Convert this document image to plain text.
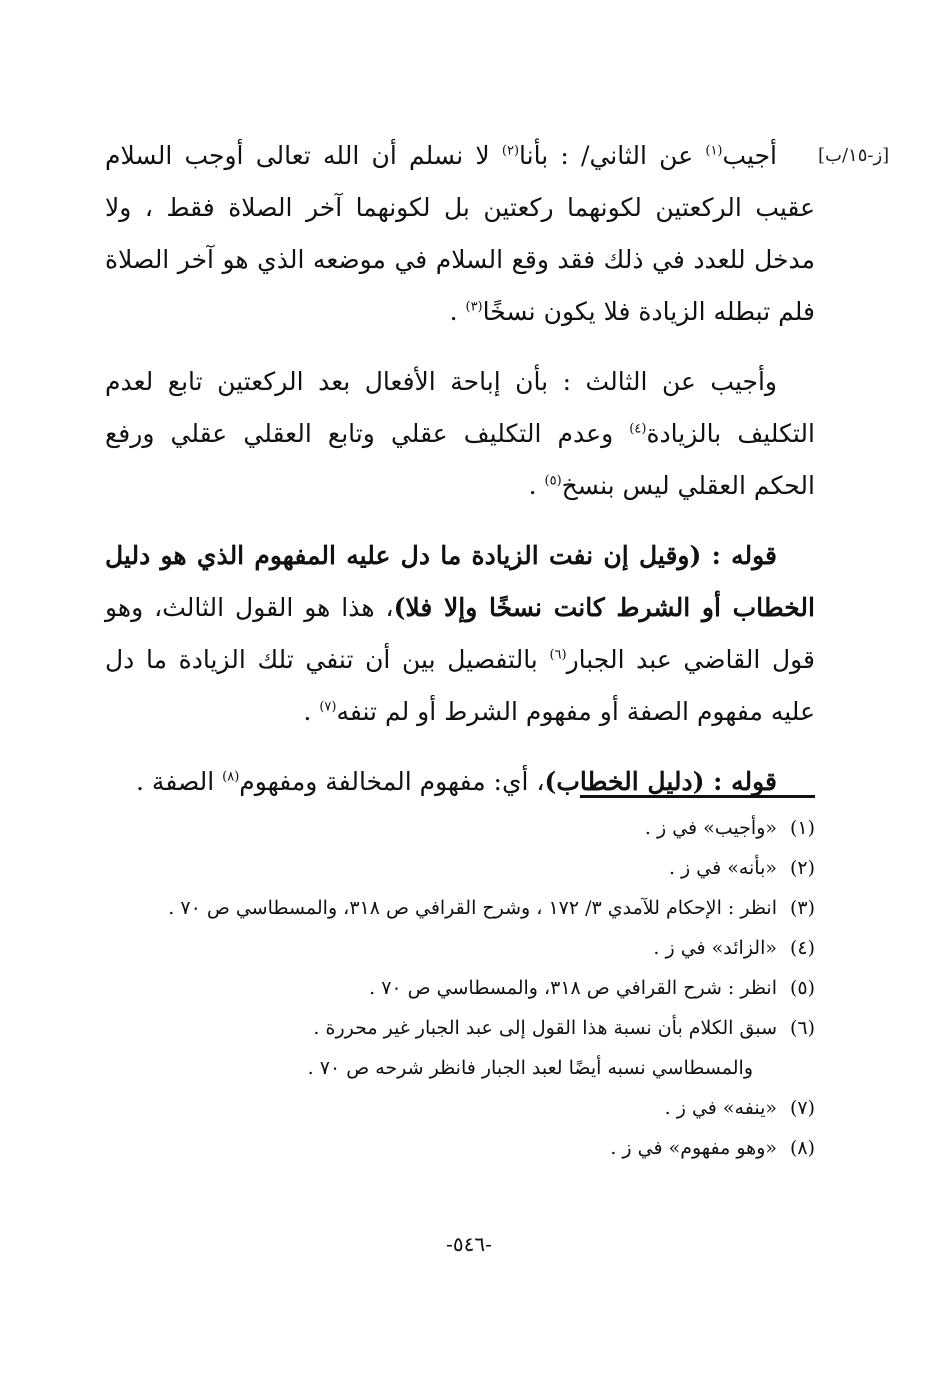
[ز-١٥/ب]

أجيب$^{(١)}$ عن الثاني/ : بأنا$^{(٢)}$ لا نسلم أن الله تعالى أوجب السلام عقيب الركعتين لكونهما ركعتين بل لكونهما آخر الصلاة فقط ، ولا مدخل للعدد في ذلك فقد وقع السلام في موضعه الذي هو آخر الصلاة فلم تبطله الزيادة فلا يكون نسخًا$^{(٣)}$ .

وأجيب عن الثالث : بأن إباحة الأفعال بعد الركعتين تابع لعدم التكليف بالزيادة$^{(٤)}$ وعدم التكليف عقلي وتابع العقلي عقلي ورفع الحكم العقلي ليس بنسخ$^{(٥)}$ .

قوله : (وقيل إن نفت الزيادة ما دل عليه المفهوم الذي هو دليل الخطاب أو الشرط كانت نسخًا وإلا فلا)، هذا هو القول الثالث، وهو قول القاضي عبد الجبار$^{(٦)}$ بالتفصيل بين أن تنفي تلك الزيادة ما دل عليه مفهوم الصفة أو مفهوم الشرط أو لم تنفه$^{(٧)}$ .

قوله : (دليل الخطاب)، أي: مفهوم المخالفة ومفهوم$^{(٨)}$ الصفة .

(١)
«وأجيب» في ز .
(٢)
«بأنه» في ز .
(٣)
انظر : الإحكام للآمدي ٣/ ١٧٢ ، وشرح القرافي ص ٣١٨، والمسطاسي ص ٧٠ .
(٤)
«الزائد» في ز .
(٥)
انظر : شرح القرافي ص ٣١٨، والمسطاسي ص ٧٠ .
(٦)
سبق الكلام بأن نسبة هذا القول إلى عبد الجبار غير محررة .
والمسطاسي نسبه أيضًا لعبد الجبار فانظر شرحه ص ٧٠ .
(٧)
«ينفه» في ز .
(٨)
«وهو مفهوم» في ز .
-٥٤٦-
